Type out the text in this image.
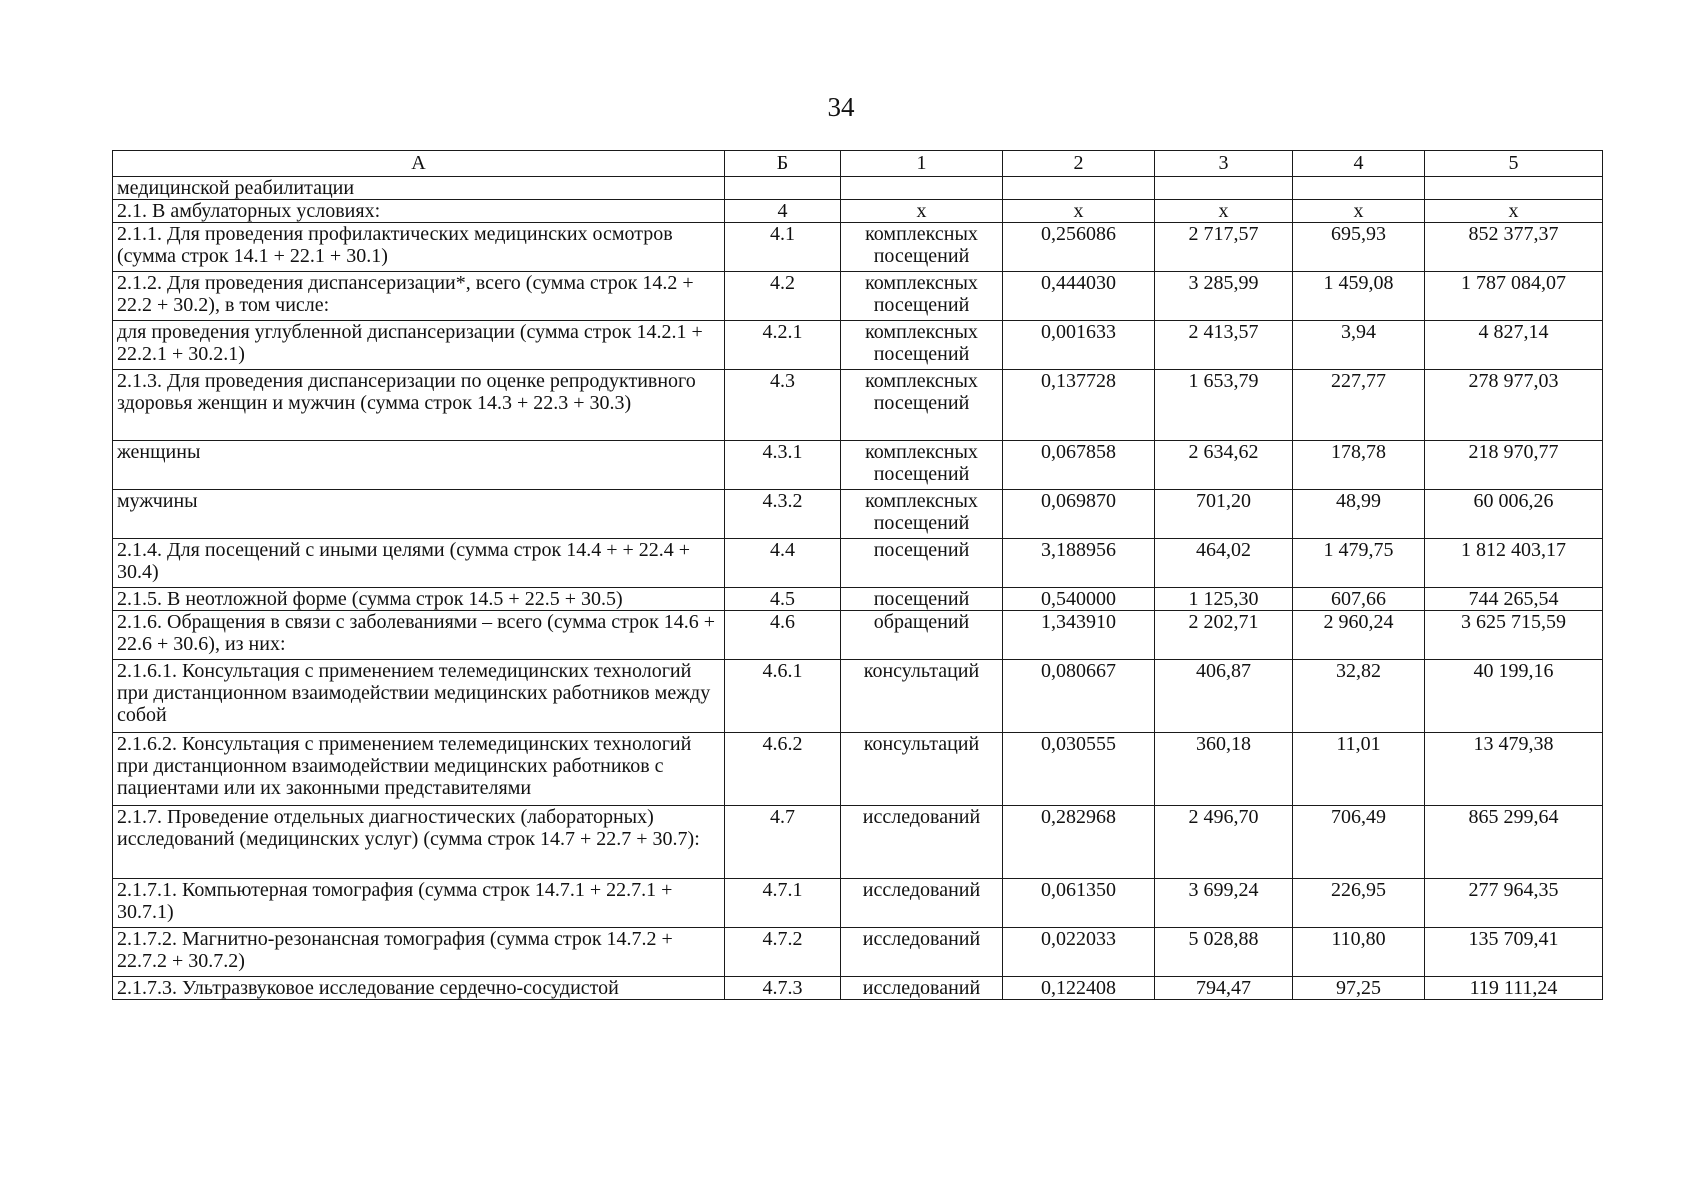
34
А	Б	1	2	3	4	5
медицинской реабилитации						
2.1. В амбулаторных условиях:	4	х	х	х	х	х
2.1.1. Для проведения профилактических медицинских осмотров (сумма строк 14.1 + 22.1 + 30.1)	4.1	комплексных посещений	0,256086	2 717,57	695,93	852 377,37
2.1.2. Для проведения диспансеризации*, всего (сумма строк 14.2 + 22.2 + 30.2), в том числе:	4.2	комплексных посещений	0,444030	3 285,99	1 459,08	1 787 084,07
для проведения углубленной диспансеризации (сумма строк 14.2.1 + 22.2.1 + 30.2.1)	4.2.1	комплексных посещений	0,001633	2 413,57	3,94	4 827,14
2.1.3. Для проведения диспансеризации по оценке репродуктивного здоровья женщин и мужчин (сумма строк 14.3 + 22.3 + 30.3)	4.3	комплексных посещений	0,137728	1 653,79	227,77	278 977,03
женщины	4.3.1	комплексных посещений	0,067858	2 634,62	178,78	218 970,77
мужчины	4.3.2	комплексных посещений	0,069870	701,20	48,99	60 006,26
2.1.4. Для посещений с иными целями (сумма строк 14.4 + + 22.4 + 30.4)	4.4	посещений	3,188956	464,02	1 479,75	1 812 403,17
2.1.5. В неотложной форме (сумма строк 14.5 + 22.5 + 30.5)	4.5	посещений	0,540000	1 125,30	607,66	744 265,54
2.1.6. Обращения в связи с заболеваниями – всего (сумма строк 14.6 + 22.6 + 30.6), из них:	4.6	обращений	1,343910	2 202,71	2 960,24	3 625 715,59
2.1.6.1. Консультация с применением телемедицинских технологий при дистанционном взаимодействии медицинских работников между собой	4.6.1	консультаций	0,080667	406,87	32,82	40 199,16
2.1.6.2. Консультация с применением телемедицинских технологий при дистанционном взаимодействии медицинских работников с пациентами или их законными представителями	4.6.2	консультаций	0,030555	360,18	11,01	13 479,38
2.1.7. Проведение отдельных диагностических (лабораторных) исследований (медицинских услуг) (сумма строк 14.7 + 22.7 + 30.7):	4.7	исследований	0,282968	2 496,70	706,49	865 299,64
2.1.7.1. Компьютерная томография (сумма строк 14.7.1 + 22.7.1 + 30.7.1)	4.7.1	исследований	0,061350	3 699,24	226,95	277 964,35
2.1.7.2. Магнитно-резонансная томография (сумма строк 14.7.2 + 22.7.2 + 30.7.2)	4.7.2	исследований	0,022033	5 028,88	110,80	135 709,41
2.1.7.3. Ультразвуковое исследование сердечно-сосудистой	4.7.3	исследований	0,122408	794,47	97,25	119 111,24
